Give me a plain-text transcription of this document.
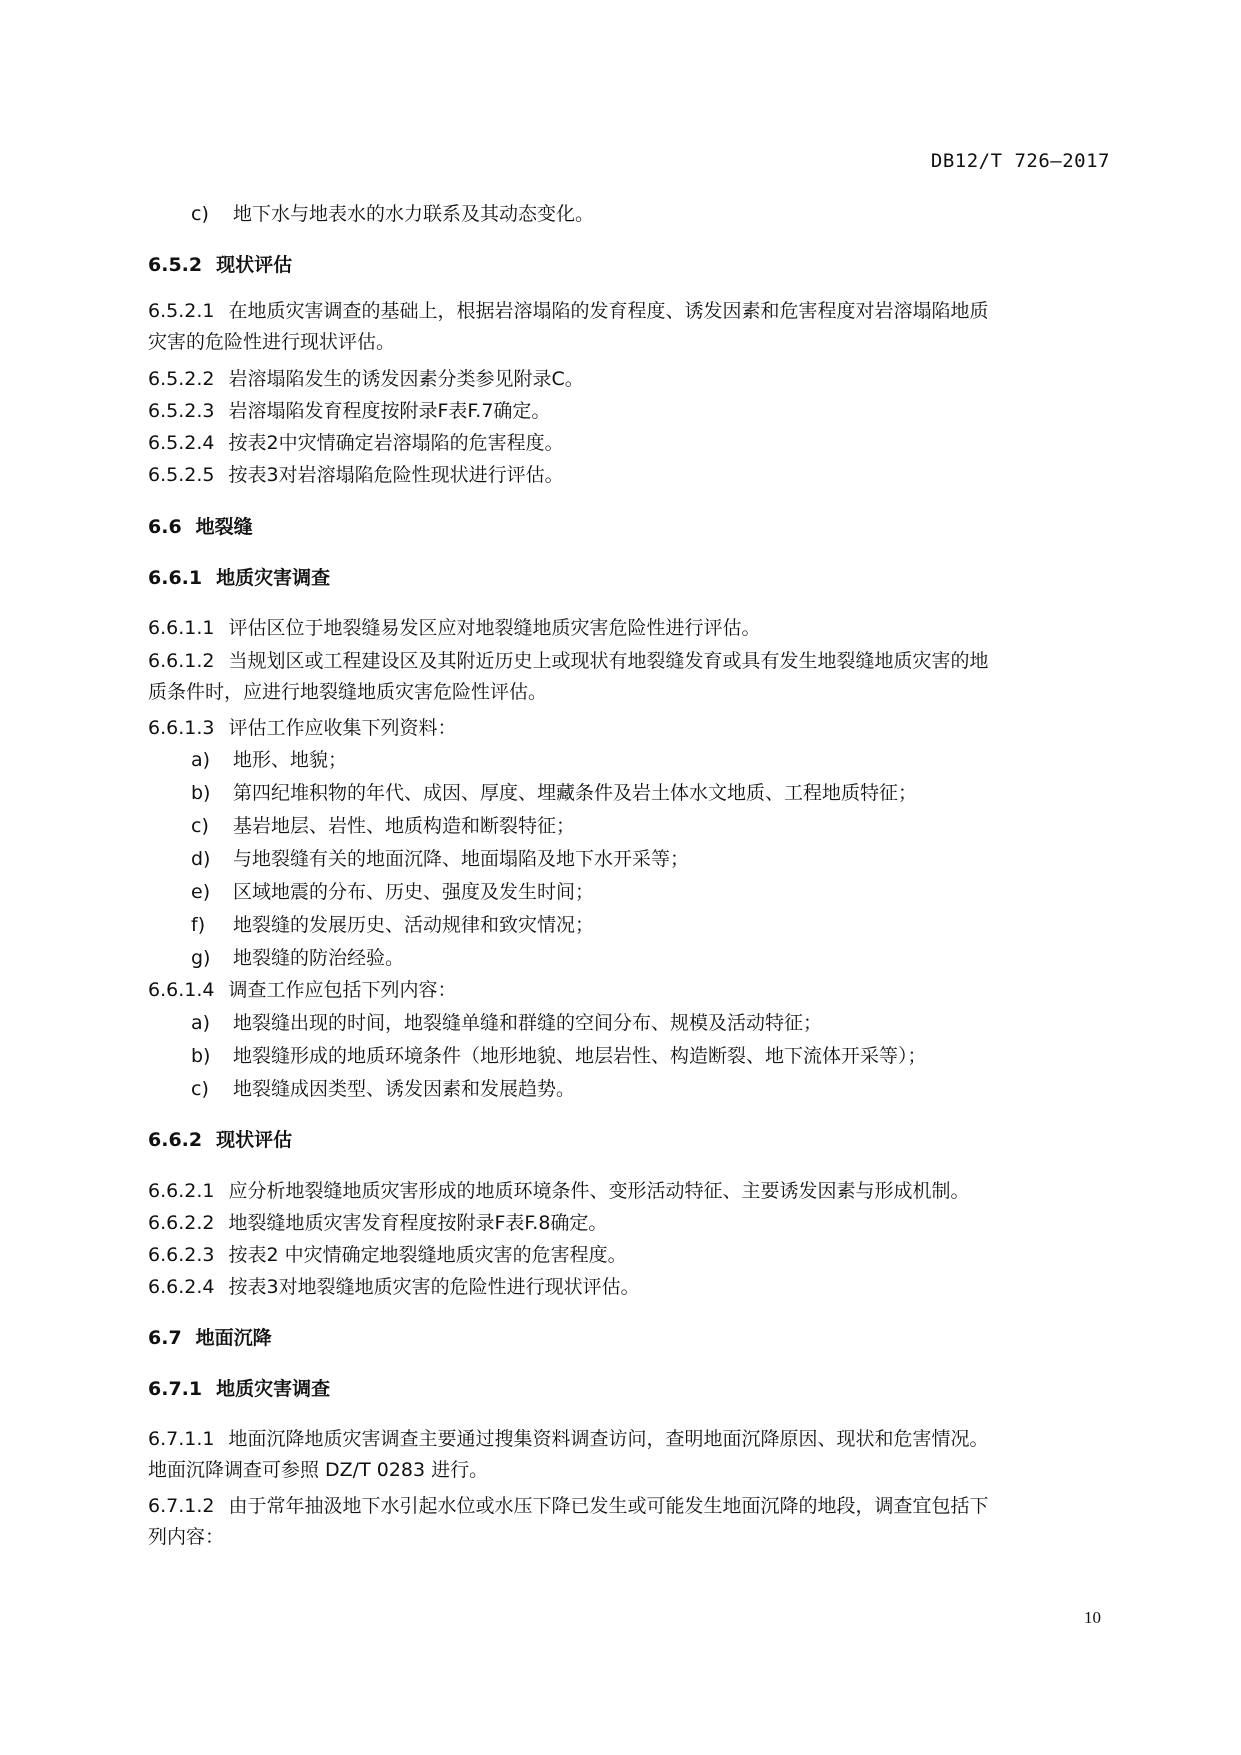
DB12/T 726—2017
c) 地下水与地表水的水力联系及其动态变化。
6.5.2 现状评估
6.5.2.1 在地质灾害调查的基础上，根据岩溶塌陷的发育程度、诱发因素和危害程度对岩溶塌陷地质
灾害的危险性进行现状评估。
6.5.2.2 岩溶塌陷发生的诱发因素分类参见附录C。
6.5.2.3 岩溶塌陷发育程度按附录F表F.7确定。
6.5.2.4 按表2中灾情确定岩溶塌陷的危害程度。
6.5.2.5 按表3对岩溶塌陷危险性现状进行评估。
6.6 地裂缝
6.6.1 地质灾害调查
6.6.1.1 评估区位于地裂缝易发区应对地裂缝地质灾害危险性进行评估。
6.6.1.2 当规划区或工程建设区及其附近历史上或现状有地裂缝发育或具有发生地裂缝地质灾害的地
质条件时，应进行地裂缝地质灾害危险性评估。
6.6.1.3 评估工作应收集下列资料：
a) 地形、地貌；
b) 第四纪堆积物的年代、成因、厚度、埋藏条件及岩土体水文地质、工程地质特征；
c) 基岩地层、岩性、地质构造和断裂特征；
d) 与地裂缝有关的地面沉降、地面塌陷及地下水开采等；
e) 区域地震的分布、历史、强度及发生时间；
f) 地裂缝的发展历史、活动规律和致灾情况；
g) 地裂缝的防治经验。
6.6.1.4 调查工作应包括下列内容：
a) 地裂缝出现的时间，地裂缝单缝和群缝的空间分布、规模及活动特征；
b) 地裂缝形成的地质环境条件（地形地貌、地层岩性、构造断裂、地下流体开采等）；
c) 地裂缝成因类型、诱发因素和发展趋势。
6.6.2 现状评估
6.6.2.1 应分析地裂缝地质灾害形成的地质环境条件、变形活动特征、主要诱发因素与形成机制。
6.6.2.2 地裂缝地质灾害发育程度按附录F表F.8确定。
6.6.2.3 按表2 中灾情确定地裂缝地质灾害的危害程度。
6.6.2.4 按表3对地裂缝地质灾害的危险性进行现状评估。
6.7 地面沉降
6.7.1 地质灾害调查
6.7.1.1 地面沉降地质灾害调查主要通过搜集资料调查访问，查明地面沉降原因、现状和危害情况。
地面沉降调查可参照 DZ/T 0283 进行。
6.7.1.2 由于常年抽汲地下水引起水位或水压下降已发生或可能发生地面沉降的地段，调查宜包括下
列内容：
10
